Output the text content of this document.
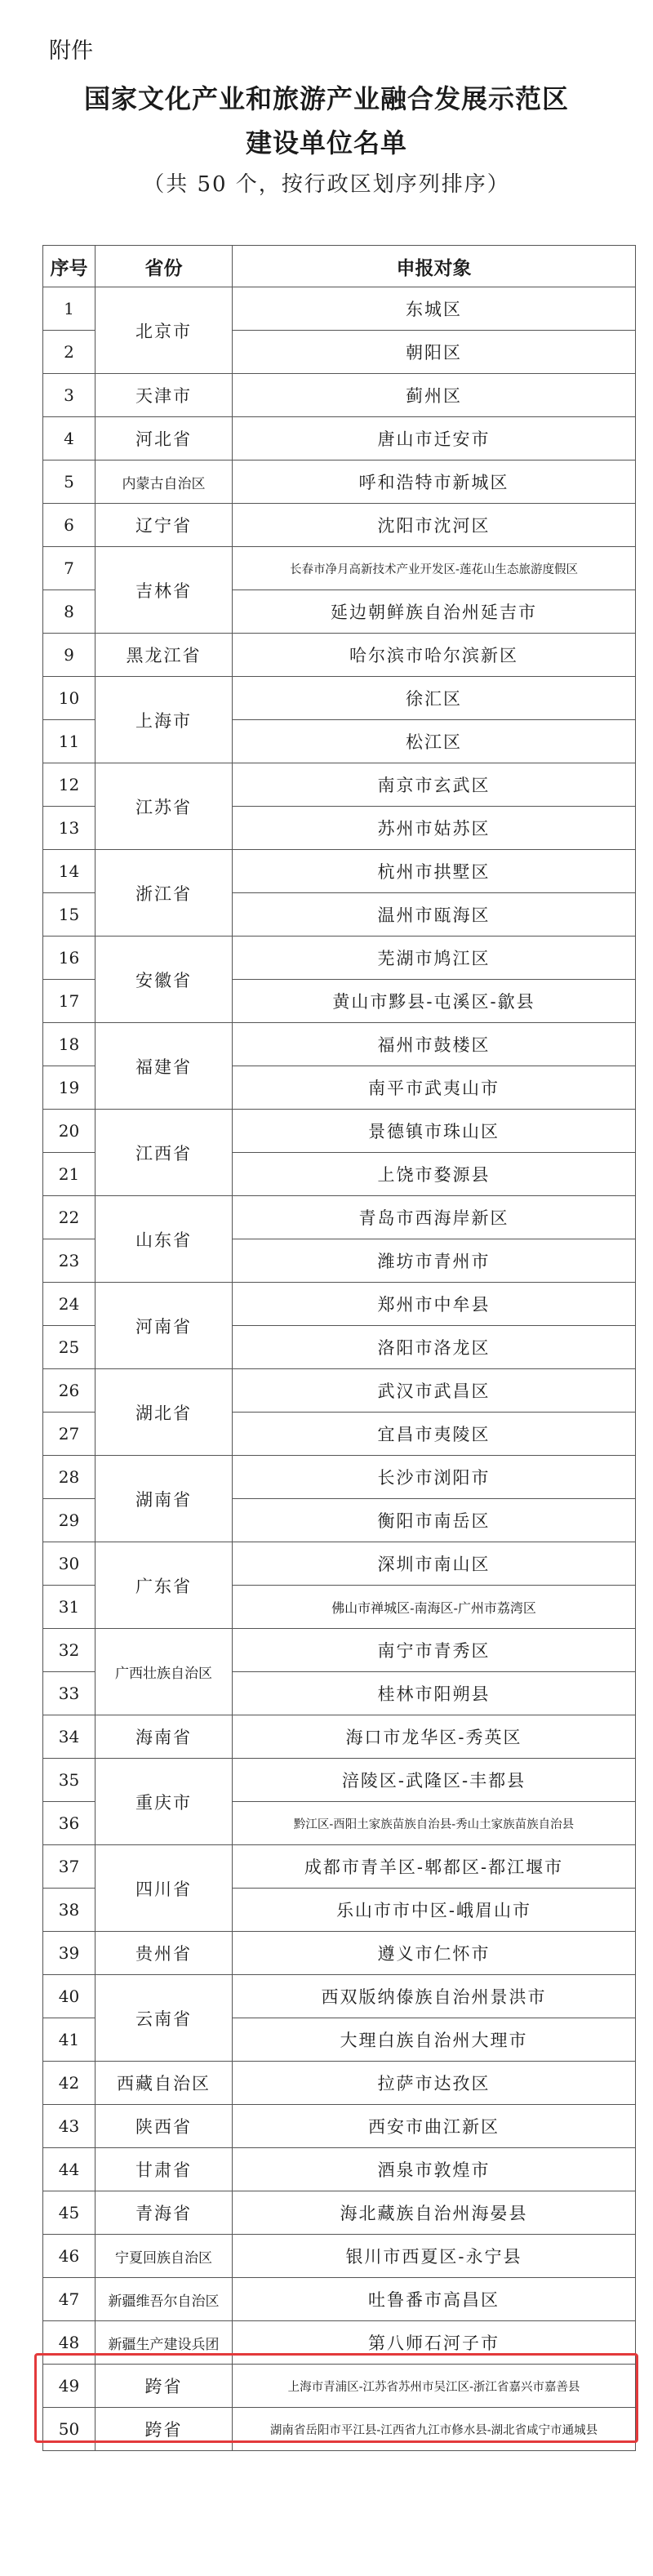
附件
国家文化产业和旅游产业融合发展示范区
建设单位名单
（共 50 个，按行政区划序列排序）
序号	省份	申报对象
1	北京市	东城区
2		朝阳区
3	天津市	蓟州区
4	河北省	唐山市迁安市
5	内蒙古自治区	呼和浩特市新城区
6	辽宁省	沈阳市沈河区
7	吉林省	长春市净月高新技术产业开发区-莲花山生态旅游度假区
8		延边朝鲜族自治州延吉市
9	黑龙江省	哈尔滨市哈尔滨新区
10	上海市	徐汇区
11		松江区
12	江苏省	南京市玄武区
13		苏州市姑苏区
14	浙江省	杭州市拱墅区
15		温州市瓯海区
16	安徽省	芜湖市鸠江区
17		黄山市黟县-屯溪区-歙县
18	福建省	福州市鼓楼区
19		南平市武夷山市
20	江西省	景德镇市珠山区
21		上饶市婺源县
22	山东省	青岛市西海岸新区
23		潍坊市青州市
24	河南省	郑州市中牟县
25		洛阳市洛龙区
26	湖北省	武汉市武昌区
27		宜昌市夷陵区
28	湖南省	长沙市浏阳市
29		衡阳市南岳区
30	广东省	深圳市南山区
31		佛山市禅城区-南海区-广州市荔湾区
32	广西壮族自治区	南宁市青秀区
33		桂林市阳朔县
34	海南省	海口市龙华区-秀英区
35	重庆市	涪陵区-武隆区-丰都县
36		黔江区-酉阳土家族苗族自治县-秀山土家族苗族自治县
37	四川省	成都市青羊区-郫都区-都江堰市
38		乐山市市中区-峨眉山市
39	贵州省	遵义市仁怀市
40	云南省	西双版纳傣族自治州景洪市
41		大理白族自治州大理市
42	西藏自治区	拉萨市达孜区
43	陕西省	西安市曲江新区
44	甘肃省	酒泉市敦煌市
45	青海省	海北藏族自治州海晏县
46	宁夏回族自治区	银川市西夏区-永宁县
47	新疆维吾尔自治区	吐鲁番市高昌区
48	新疆生产建设兵团	第八师石河子市
49	跨省	上海市青浦区-江苏省苏州市吴江区-浙江省嘉兴市嘉善县
50	跨省	湖南省岳阳市平江县-江西省九江市修水县-湖北省咸宁市通城县
